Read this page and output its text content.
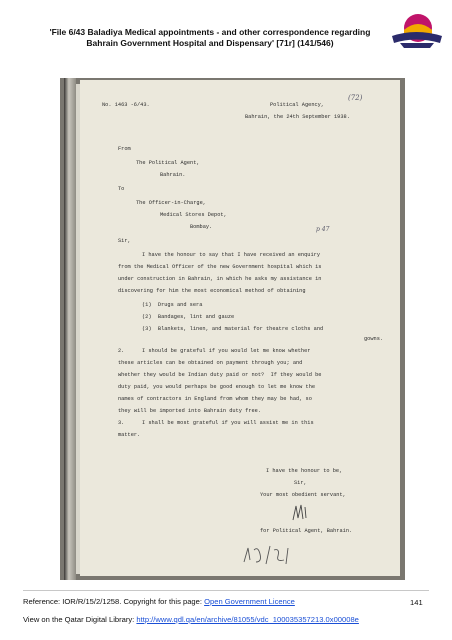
'File 6/43 Baladiya Medical appointments - and other correspondence regarding
Bahrain Government Hospital and Dispensary' [71r] (141/546)
No. 1463 -6/43.	Political Agency,
(72)
Bahrain, the 24th September 1938.
From
The Political Agent,
Bahrain.
To
The Officer-in-Charge,
Medical Stores Depot,
Bombay.
Sir,
p 47
I have the honour to say that I have received an enquiry
from the Medical Officer of the new Government hospital which is
under construction in Bahrain, in which he asks my assistance in
discovering for him the most economical method of obtaining
(1)  Drugs and sera
(2)  Bandages, lint and gauze
(3)  Blankets, linen, and material for theatre cloths and
gowns.
2.	I should be grateful if you would let me know whether
these articles can be obtained on payment through you; and
whether they would be Indian duty paid or not?  If they would be
duty paid, you would perhaps be good enough to let me know the
names of contractors in England from whom they may be had, so
they will be imported into Bahrain duty free.
3.	I shall be most grateful if you will assist me in this
matter.
I have the honour to be,
Sir,
Your most obedient servant,
for Political Agent, Bahrain.
Reference: IOR/R/15/2/1258. Copyright for this page: Open Government Licence	141
View on the Qatar Digital Library: http://www.qdl.qa/en/archive/81055/vdc_100035357213.0x00008e
